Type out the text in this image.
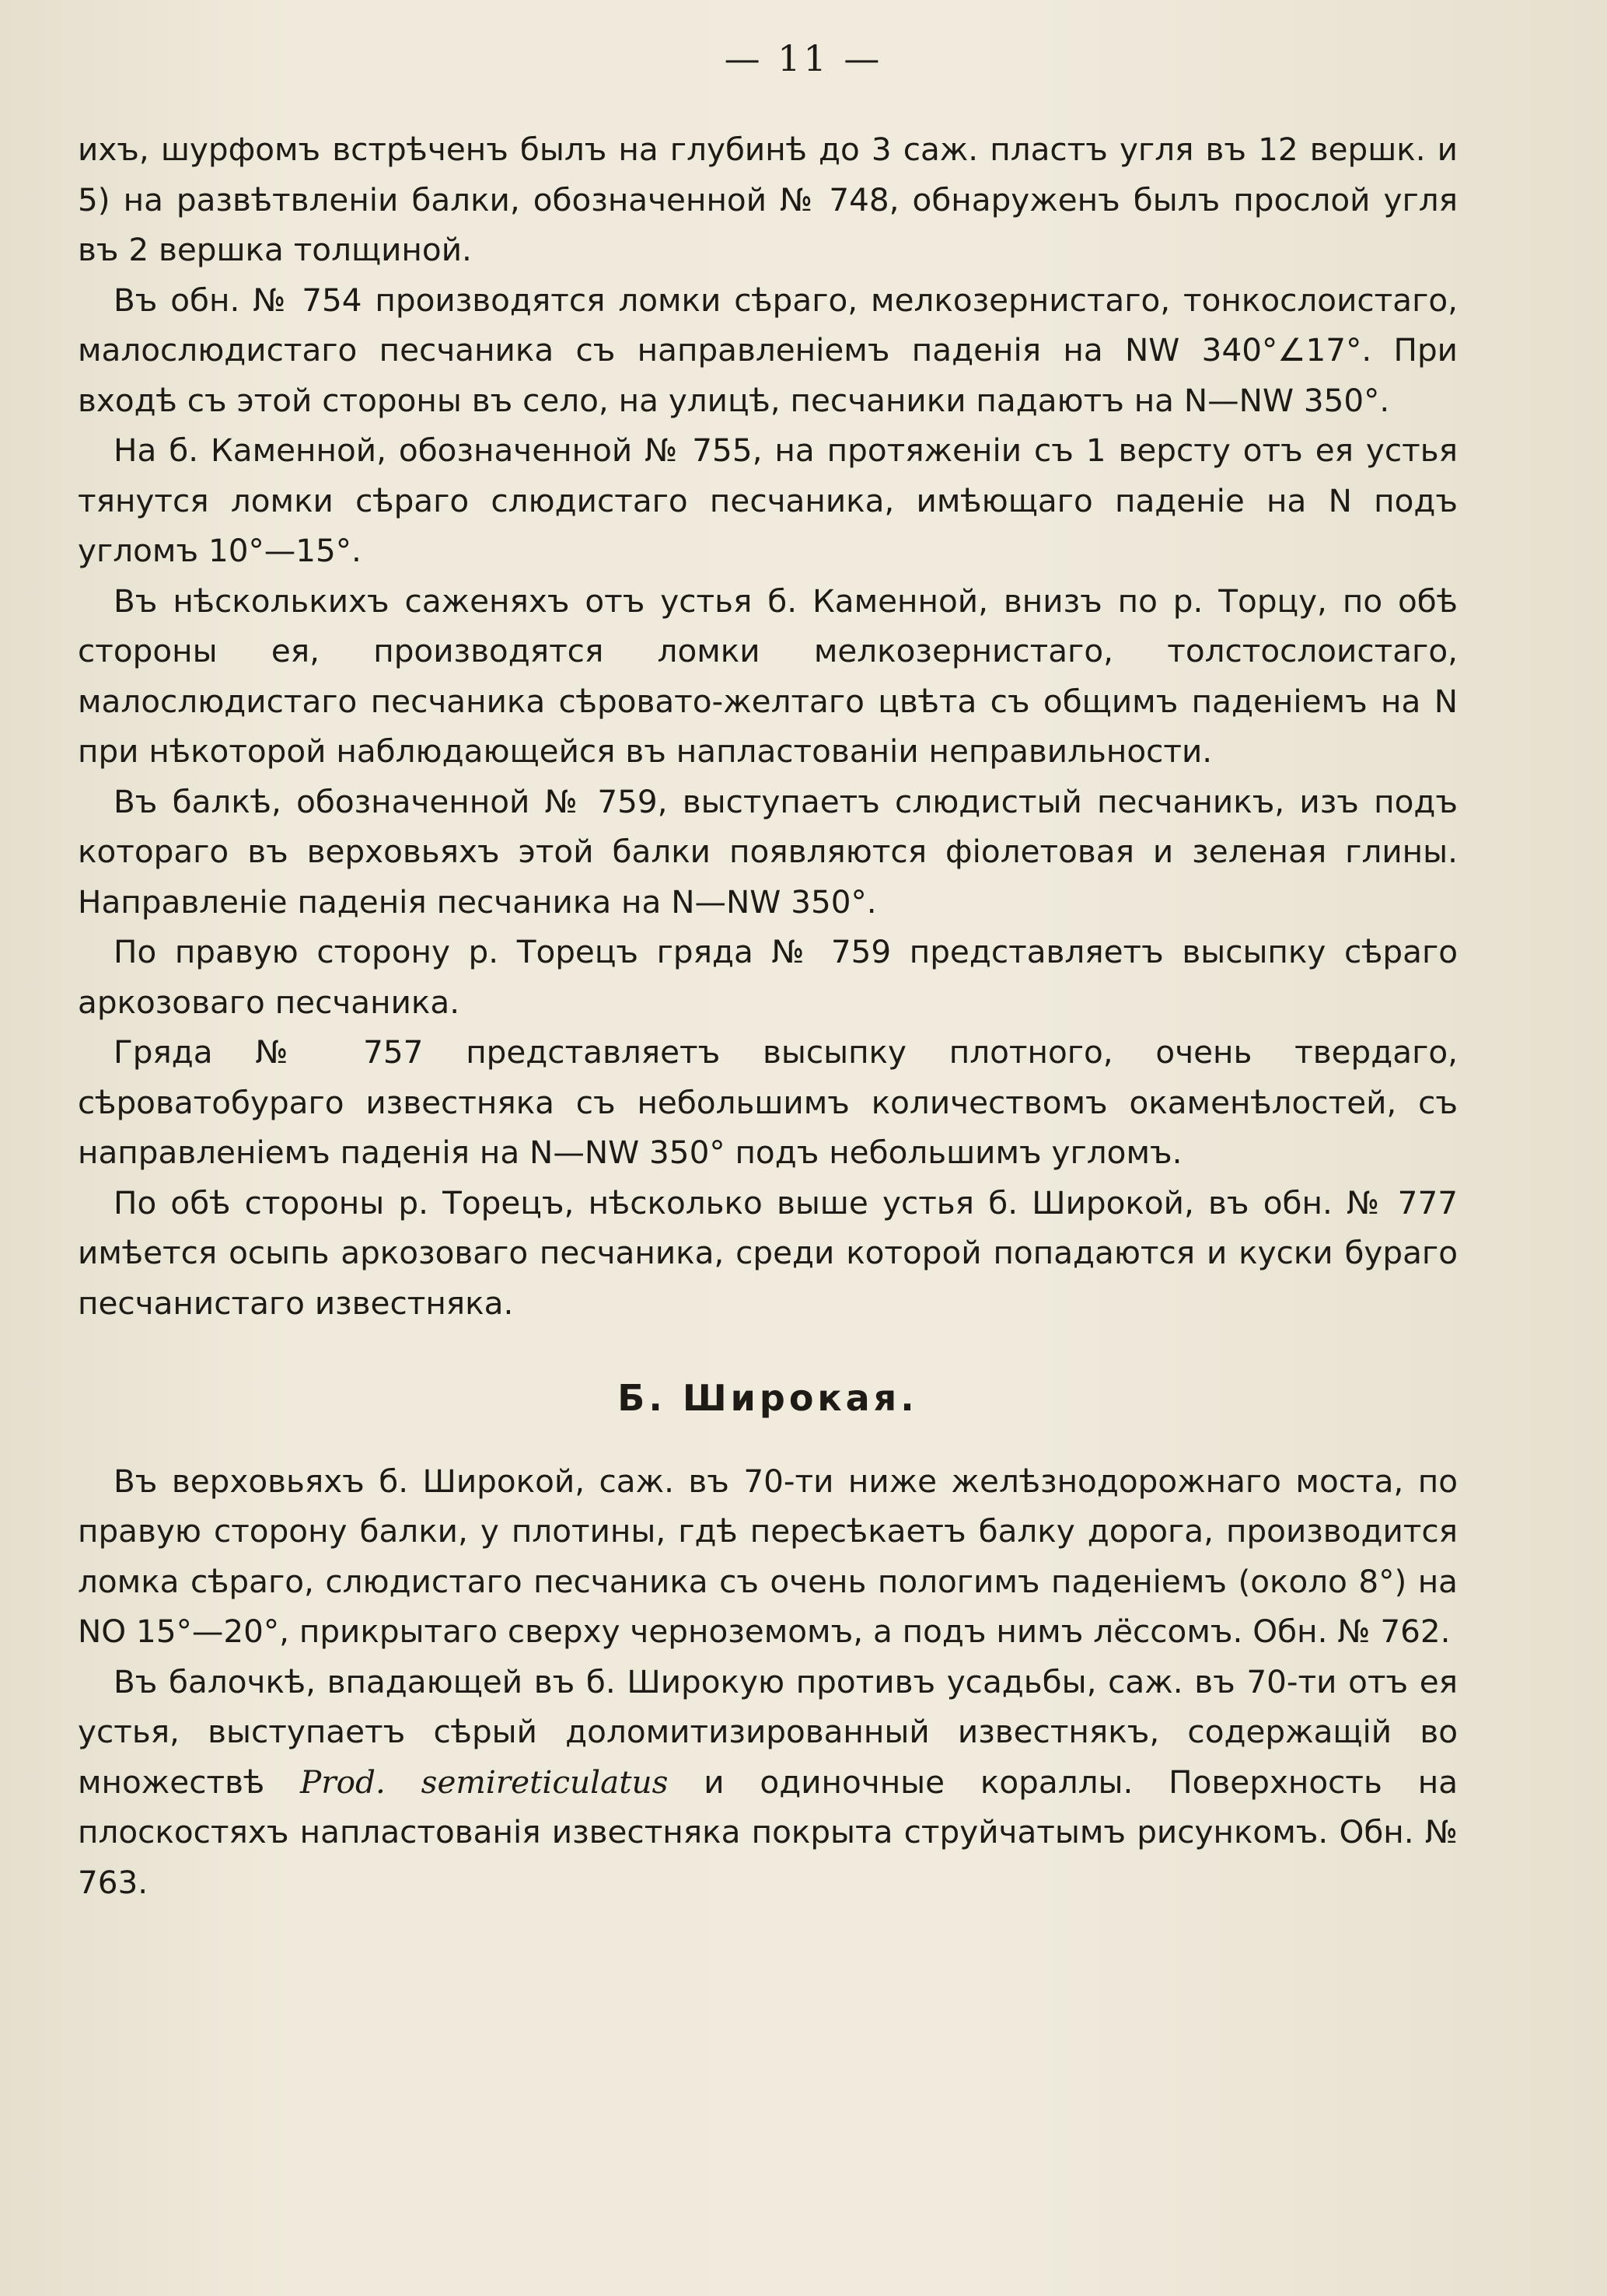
— 11 —

ихъ, шурфомъ встрѣченъ былъ на глубинѣ до 3 саж. пластъ угля въ 12 вершк. и 5) на развѣтвленіи балки, обозначенной № 748, обнаруженъ былъ прослой угля въ 2 вершка толщиной.

Въ обн. № 754 производятся ломки сѣраго, мелкозернистаго, тонкослоистаго, малослюдистаго песчаника съ направленіемъ паденія на NW 340°∠17°. При входѣ съ этой стороны въ село, на улицѣ, песчаники падаютъ на N—NW 350°.

На б. Каменной, обозначенной № 755, на протяженіи съ 1 версту отъ ея устья тянутся ломки сѣраго слюдистаго песчаника, имѣющаго паденіе на N подъ угломъ 10°—15°.

Въ нѣсколькихъ саженяхъ отъ устья б. Каменной, внизъ по р. Торцу, по обѣ стороны ея, производятся ломки мелкозернистаго, толстослоистаго, малослюдистаго песчаника сѣровато-желтаго цвѣта съ общимъ паденіемъ на N при нѣкоторой наблюдающейся въ напластованіи неправильности.

Въ балкѣ, обозначенной № 759, выступаетъ слюдистый песчаникъ, изъ подъ котораго въ верховьяхъ этой балки появляются фіолетовая и зеленая глины. Направленіе паденія песчаника на N—NW 350°.

По правую сторону р. Торецъ гряда № 759 представляетъ высыпку сѣраго аркозоваго песчаника.

Гряда № 757 представляетъ высыпку плотного, очень твердаго, сѣроватобураго известняка съ небольшимъ количествомъ окаменѣлостей, съ направленіемъ паденія на N—NW 350° подъ небольшимъ угломъ.

По обѣ стороны р. Торецъ, нѣсколько выше устья б. Широкой, въ обн. № 777 имѣется осыпь аркозоваго песчаника, среди которой попадаются и куски бураго песчанистаго известняка.

Б. Широкая.

Въ верховьяхъ б. Широкой, саж. въ 70-ти ниже желѣзнодорожнаго моста, по правую сторону балки, у плотины, гдѣ пересѣкаетъ балку дорога, производится ломка сѣраго, слюдистаго песчаника съ очень пологимъ паденіемъ (около 8°) на NO 15°—20°, прикрытаго сверху черноземомъ, а подъ нимъ лёссомъ. Обн. № 762.

Въ балочкѣ, впадающей въ б. Широкую противъ усадьбы, саж. въ 70-ти отъ ея устья, выступаетъ сѣрый доломитизированный известнякъ, содержащій во множествѣ Prod. semireticulatus и одиночные кораллы. Поверхность на плоскостяхъ напластованія известняка покрыта струйчатымъ рисункомъ. Обн. № 763.
